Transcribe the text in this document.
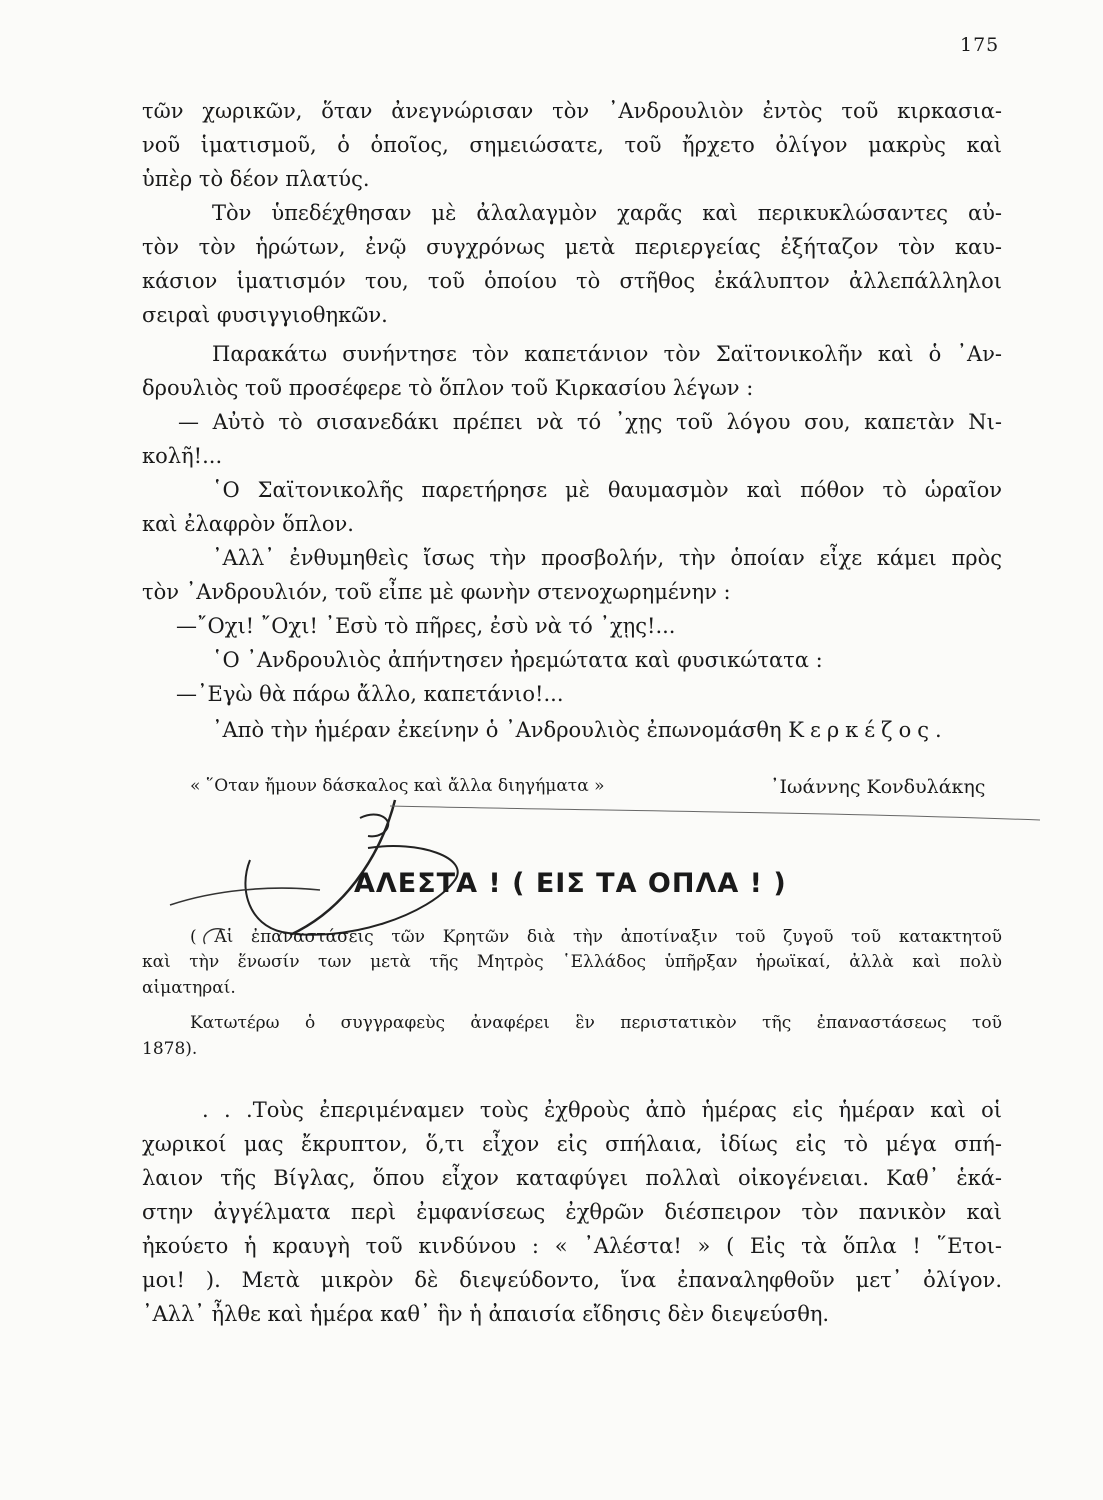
175
τῶν χωρικῶν, ὅταν ἀνεγνώρισαν τὸν ᾿Ανδρουλιὸν ἐντὸς τοῦ κιρκασια-
νοῦ ἱματισμοῦ, ὁ ὁποῖος, σημειώσατε, τοῦ ἤρχετο ὀλίγον μακρὺς καὶ
ὑπὲρ τὸ δέον πλατύς.
Τὸν ὑπεδέχθησαν μὲ ἀλαλαγμὸν χαρᾶς καὶ περικυκλώσαντες αὐ-
τὸν τὸν ἡρώτων, ἐνῷ συγχρόνως μετὰ περιεργείας ἐξήταζον τὸν καυ-
κάσιον ἱματισμόν του, τοῦ ὁποίου τὸ στῆθος ἐκάλυπτον ἀλλεπάλληλοι
σειραὶ φυσιγγιοθηκῶν.
Παρακάτω συνήντησε τὸν καπετάνιον τὸν Σαϊτονικολῆν καὶ ὁ ᾿Αν-
δρουλιὸς τοῦ προσέφερε τὸ ὅπλον τοῦ Κιρκασίου λέγων :
— Αὐτὸ τὸ σισανεδάκι πρέπει νὰ τό ᾽χῃς τοῦ λόγου σου, καπετὰν Νι-
κολῆ!...
῾Ο Σαϊτονικολῆς παρετήρησε μὲ θαυμασμὸν καὶ πόθον τὸ ὡραῖον
καὶ ἐλαφρὸν ὅπλον.
᾿Αλλ᾿ ἐνθυμηθεὶς ἴσως τὴν προσβολήν, τὴν ὁποίαν εἶχε κάμει πρὸς
τὸν ᾿Ανδρουλιόν, τοῦ εἶπε μὲ φωνὴν στενοχωρημένην :
—῎Οχι! ῎Οχι! ᾿Εσὺ τὸ πῆρες, ἐσὺ νὰ τό ᾽χῃς!...
῾Ο ᾿Ανδρουλιὸς ἀπήντησεν ἠρεμώτατα καὶ φυσικώτατα :
—᾿Εγὼ θὰ πάρω ἄλλο, καπετάνιο!...
᾿Απὸ τὴν ἡμέραν ἐκείνην ὁ ᾿Ανδρουλιὸς ἐπωνομάσθη Κερκέζος.
« ῞Οταν ἤμουν δάσκαλος καὶ ἄλλα διηγήματα »	᾿Ιωάννης Κονδυλάκης
ΑΛΕΣΤΑ ! ( ΕΙΣ ΤΑ ΟΠΛΑ ! )
( Αἱ ἐπαναστάσεις τῶν Κρητῶν διὰ τὴν ἀποτίναξιν τοῦ ζυγοῦ τοῦ κατακτητοῦ
καὶ τὴν ἕνωσίν των μετὰ τῆς Μητρὸς ῾Ελλάδος ὑπῆρξαν ἡρωϊκαί, ἀλλὰ καὶ πολὺ
αἱματηραί.
Κατωτέρω ὁ συγγραφεὺς ἀναφέρει ἓν περιστατικὸν τῆς ἐπαναστάσεως τοῦ
1878).
. . .Τοὺς ἐπεριμέναμεν τοὺς ἐχθροὺς ἀπὸ ἡμέρας εἰς ἡμέραν καὶ οἱ
χωρικοί μας ἔκρυπτον, ὅ,τι εἶχον εἰς σπήλαια, ἰδίως εἰς τὸ μέγα σπή-
λαιον τῆς Βίγλας, ὅπου εἶχον καταφύγει πολλαὶ οἰκογένειαι. Καθ᾿ ἑκά-
στην ἀγγέλματα περὶ ἐμφανίσεως ἐχθρῶν διέσπειρον τὸν πανικὸν καὶ
ἠκούετο ἡ κραυγὴ τοῦ κινδύνου : « ᾿Αλέστα! » ( Εἰς τὰ ὅπλα ! ῞Ετοι-
μοι! ). Μετὰ μικρὸν δὲ διεψεύδοντο, ἵνα ἐπαναληφθοῦν μετ᾿ ὀλίγον.
᾿Αλλ᾿ ἦλθε καὶ ἡμέρα καθ᾿ ἣν ἡ ἀπαισία εἴδησις δὲν διεψεύσθη.
